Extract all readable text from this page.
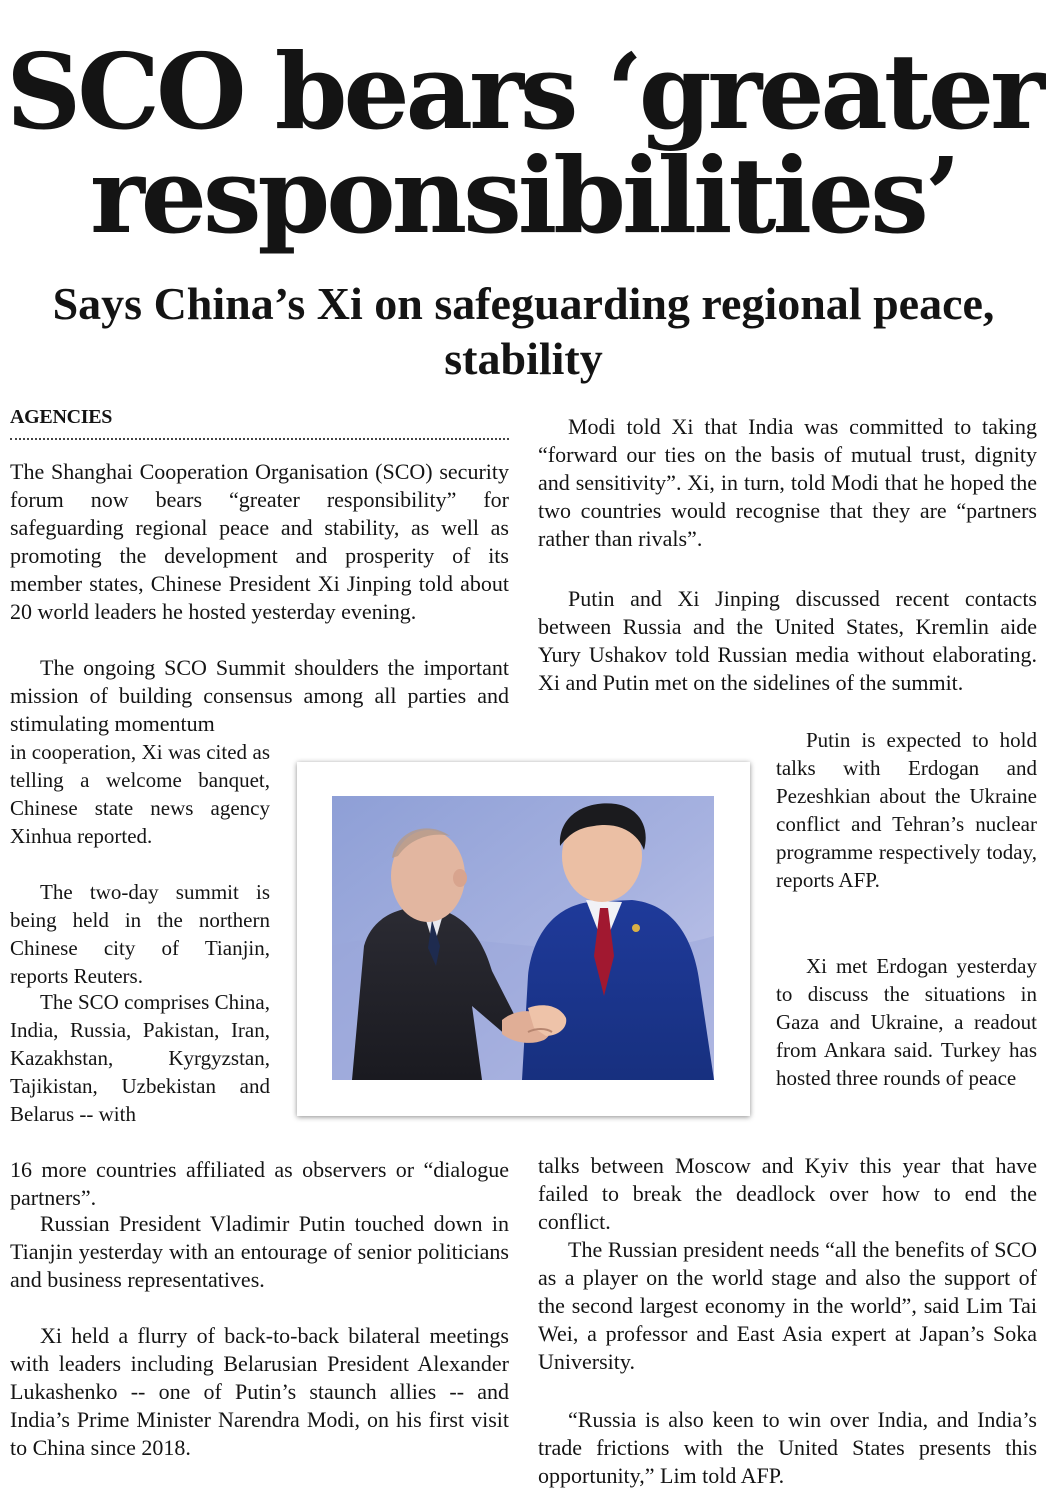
SCO bears ‘greater responsibilities’
Says China’s Xi on safeguarding regional peace, stability
AGENCIES

The Shanghai Cooperation Organisation (SCO) security forum now bears “greater responsibility” for safeguarding regional peace and stability, as well as promoting the development and prosperity of its member states, Chinese President Xi Jinping told about 20 world leaders he hosted yesterday evening.

The ongoing SCO Summit shoulders the important mission of building consensus among all parties and stimulating momentum

in cooperation, Xi was cited as telling a welcome banquet, Chinese state news agency Xinhua reported.

The two-day summit is being held in the northern Chinese city of Tianjin, reports Reuters.

The SCO comprises China, India, Russia, Pakistan, Iran, Kazakhstan, Kyrgyzstan, Tajikistan, Uzbekistan and Belarus -- with

16 more countries affiliated as observers or “dialogue partners”.

Russian President Vladimir Putin touched down in Tianjin yesterday with an entourage of senior politicians and business representatives.

Xi held a flurry of back-to-back bilateral meetings with leaders including Belarusian President Alexander Lukashenko -- one of Putin’s staunch allies -- and India’s Prime Minister Narendra Modi, on his first visit to China since 2018.

Modi told Xi that India was committed to taking “forward our ties on the basis of mutual trust, dignity and sensitivity”. Xi, in turn, told Modi that he hoped the two countries would recognise that they are “partners rather than rivals”.

Putin and Xi Jinping discussed recent contacts between Russia and the United States, Kremlin aide Yury Ushakov told Russian media without elaborating. Xi and Putin met on the sidelines of the summit.

Putin is expected to hold talks with Erdogan and Pezeshkian about the Ukraine conflict and Tehran’s nuclear programme respectively today, reports AFP.

Xi met Erdogan yesterday to discuss the situations in Gaza and Ukraine, a readout from Ankara said. Turkey has hosted three rounds of peace

talks between Moscow and Kyiv this year that have failed to break the deadlock over how to end the conflict.

The Russian president needs “all the benefits of SCO as a player on the world stage and also the support of the second largest economy in the world”, said Lim Tai Wei, a professor and East Asia expert at Japan’s Soka University.

“Russia is also keen to win over India, and India’s trade frictions with the United States presents this opportunity,” Lim told AFP.
